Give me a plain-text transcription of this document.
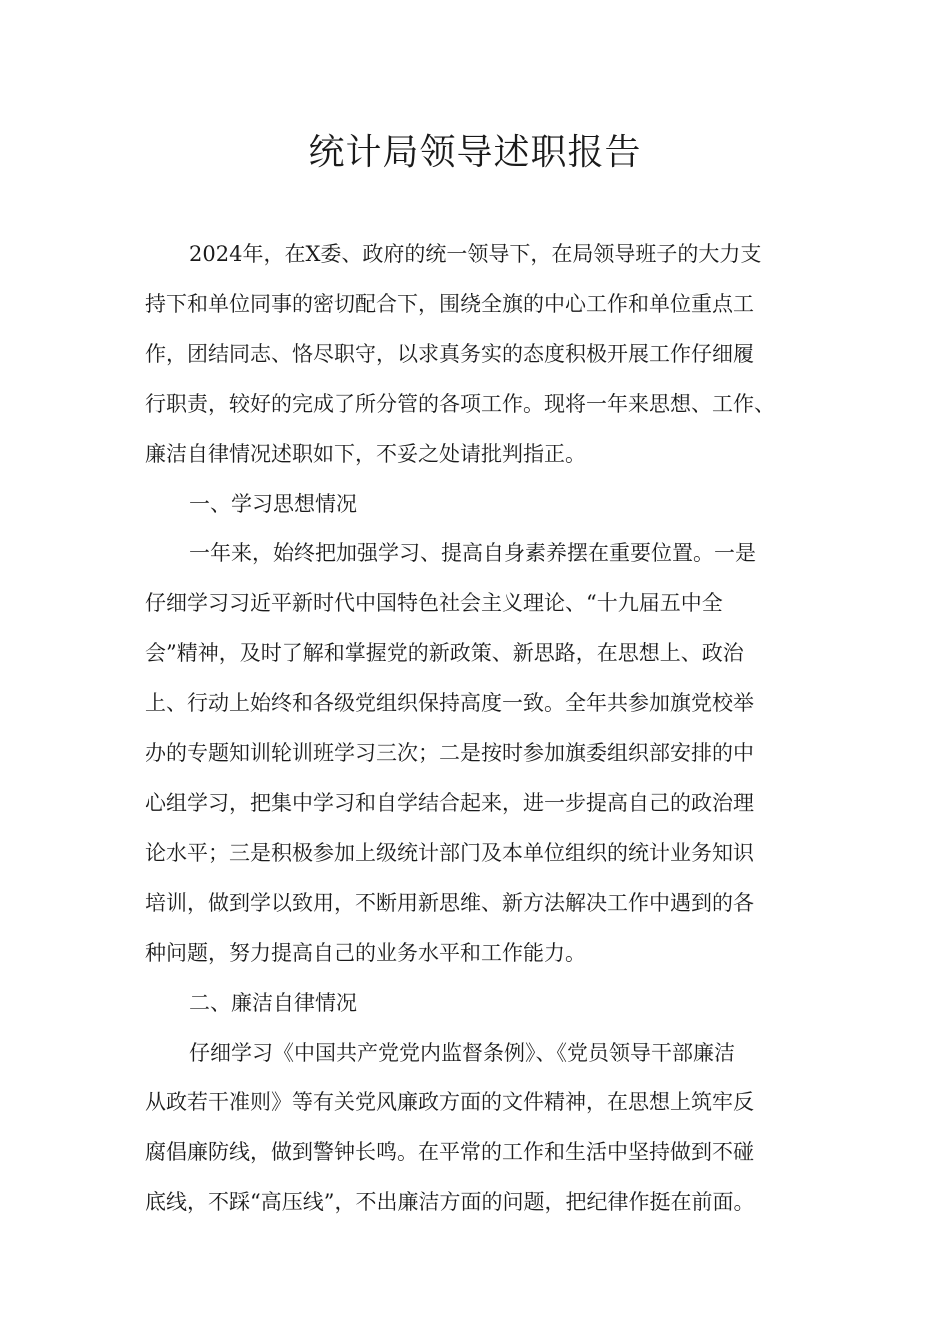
统计局领导述职报告
2024年，在X委、政府的统一领导下，在局领导班子的大力支
持下和单位同事的密切配合下，围绕全旗的中心工作和单位重点工
作，团结同志、恪尽职守，以求真务实的态度积极开展工作仔细履
行职责，较好的完成了所分管的各项工作。现将一年来思想、工作、
廉洁自律情况述职如下，不妥之处请批判指正。
一、学习思想情况
一年来，始终把加强学习、提高自身素养摆在重要位置。一是
仔细学习习近平新时代中国特色社会主义理论、“十九届五中全
会”精神，及时了解和掌握党的新政策、新思路，在思想上、政治
上、行动上始终和各级党组织保持高度一致。全年共参加旗党校举
办的专题知训轮训班学习三次；二是按时参加旗委组织部安排的中
心组学习，把集中学习和自学结合起来，进一步提高自己的政治理
论水平；三是积极参加上级统计部门及本单位组织的统计业务知识
培训，做到学以致用，不断用新思维、新方法解决工作中遇到的各
种问题，努力提高自己的业务水平和工作能力。
二、廉洁自律情况
仔细学习《中国共产党党内监督条例》、《党员领导干部廉洁
从政若干准则》等有关党风廉政方面的文件精神，在思想上筑牢反
腐倡廉防线，做到警钟长鸣。在平常的工作和生活中坚持做到不碰
底线，不踩“高压线”，不出廉洁方面的问题，把纪律作挺在前面。
